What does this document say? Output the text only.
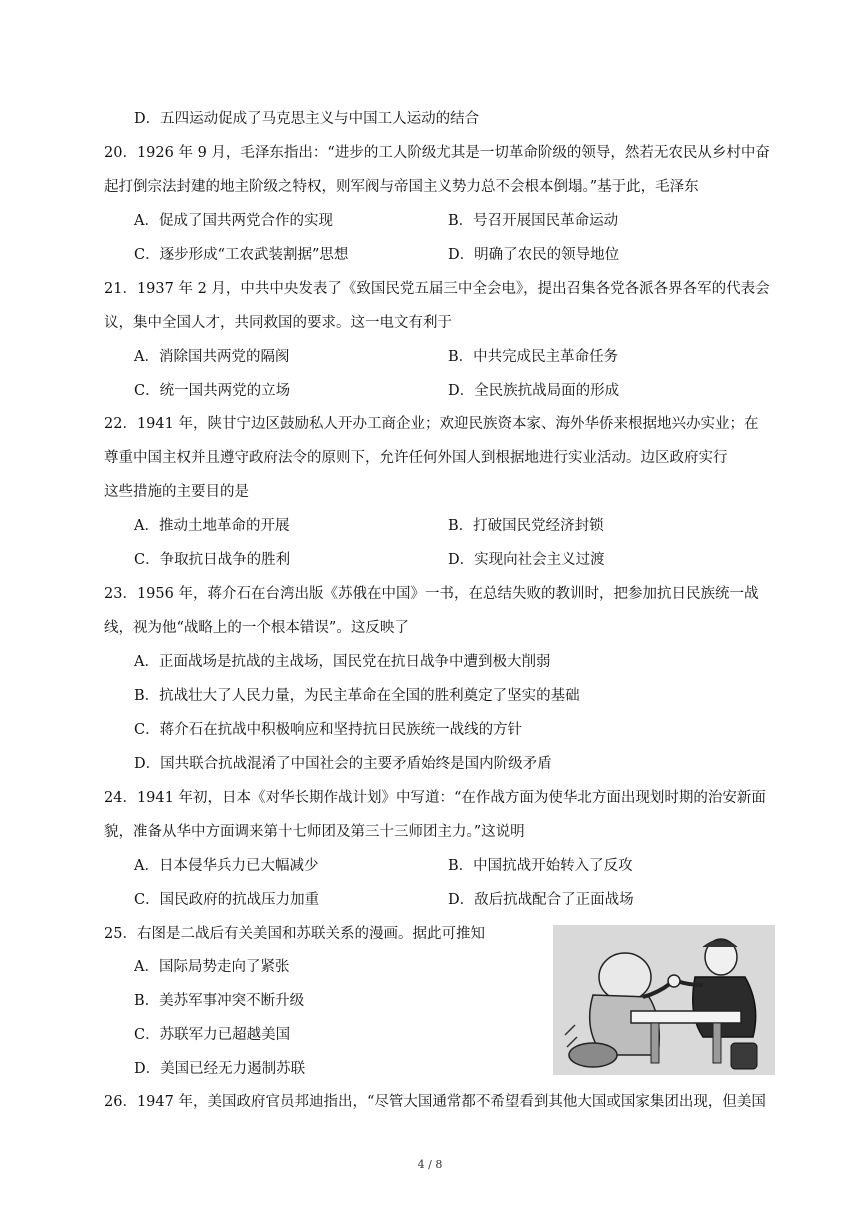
D．五四运动促成了马克思主义与中国工人运动的结合
20．1926 年 9 月，毛泽东指出：“进步的工人阶级尤其是一切革命阶级的领导，然若无农民从乡村中奋
起打倒宗法封建的地主阶级之特权，则军阀与帝国主义势力总不会根本倒塌。”基于此，毛泽东
A．促成了国共两党合作的实现	B．号召开展国民革命运动
C．逐步形成“工农武装割据”思想	D．明确了农民的领导地位
21．1937 年 2 月，中共中央发表了《致国民党五届三中全会电》，提出召集各党各派各界各军的代表会
议，集中全国人才，共同救国的要求。这一电文有利于
A．消除国共两党的隔阂	B．中共完成民主革命任务
C．统一国共两党的立场	D．全民族抗战局面的形成
22．1941 年，陕甘宁边区鼓励私人开办工商企业；欢迎民族资本家、海外华侨来根据地兴办实业；在
尊重中国主权并且遵守政府法令的原则下，允许任何外国人到根据地进行实业活动。边区政府实行
这些措施的主要目的是
A．推动土地革命的开展	B．打破国民党经济封锁
C．争取抗日战争的胜利	D．实现向社会主义过渡
23．1956 年，蒋介石在台湾出版《苏俄在中国》一书，在总结失败的教训时，把参加抗日民族统一战
线，视为他“战略上的一个根本错误”。这反映了
A．正面战场是抗战的主战场，国民党在抗日战争中遭到极大削弱
B．抗战壮大了人民力量，为民主革命在全国的胜利奠定了坚实的基础
C．蒋介石在抗战中积极响应和坚持抗日民族统一战线的方针
D．国共联合抗战混淆了中国社会的主要矛盾始终是国内阶级矛盾
24．1941 年初，日本《对华长期作战计划》中写道：“在作战方面为使华北方面出现划时期的治安新面
貌，准备从华中方面调来第十七师团及第三十三师团主力。”这说明
A．日本侵华兵力已大幅减少	B．中国抗战开始转入了反攻
C．国民政府的抗战压力加重	D．敌后抗战配合了正面战场
25．右图是二战后有关美国和苏联关系的漫画。据此可推知
A．国际局势走向了紧张
B．美苏军事冲突不断升级
C．苏联军力已超越美国
D．美国已经无力遏制苏联
26．1947 年，美国政府官员邦迪指出，“尽管大国通常都不希望看到其他大国或国家集团出现，但美国
4 / 8
